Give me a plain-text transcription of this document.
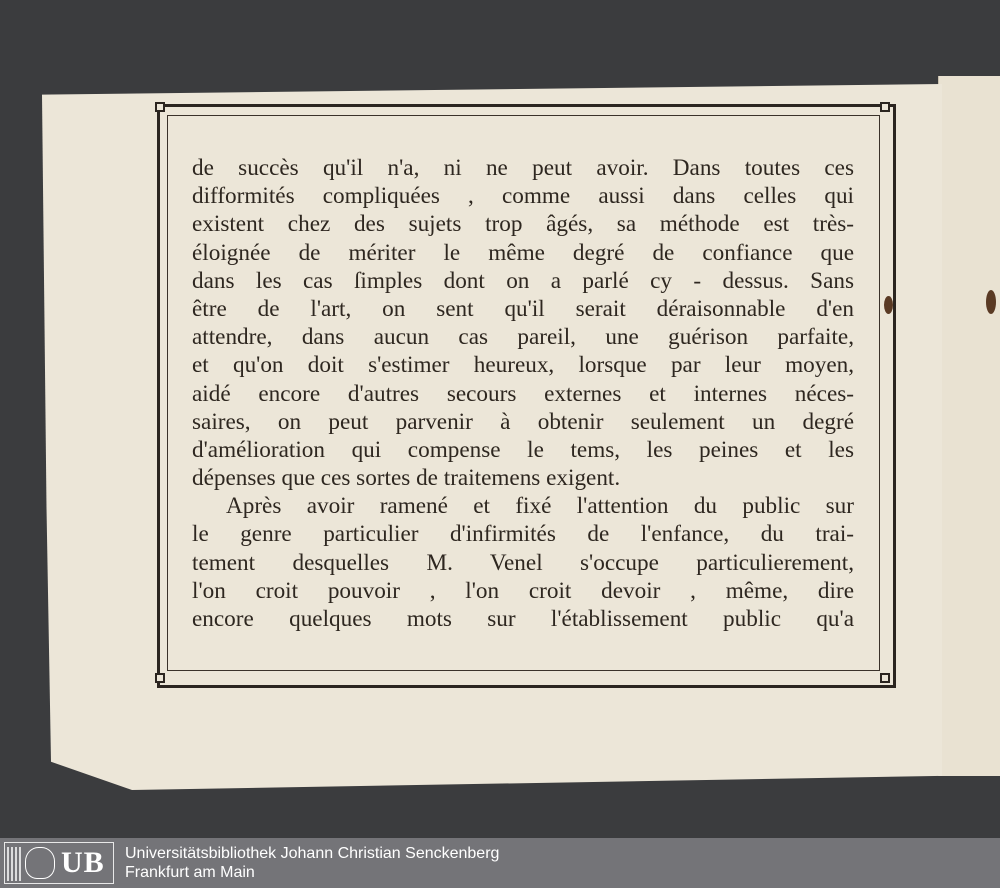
de succès qu'il n'a, ni ne peut avoir. Dans toutes ces
difformités compliquées , comme aussi dans celles qui
existent chez des sujets trop âgés, sa méthode est très-
éloignée de mériter le même degré de confiance que
dans les cas ſimples dont on a parlé cy - dessus. Sans
être de l'art, on sent qu'il serait déraisonnable d'en
attendre, dans aucun cas pareil, une guérison parfaite,
et qu'on doit s'estimer heureux, lorsque par leur moyen,
aidé encore d'autres secours externes et internes néces-
saires, on peut parvenir à obtenir seulement un degré
d'amélioration qui compense le tems, les peines et les
dépenses que ces sortes de traitemens exigent.
Après avoir ramené et fixé l'attention du public sur
le genre particulier d'infirmités de l'enfance, du trai-
tement desquelles M. Venel s'occupe particulierement,
l'on croit pouvoir , l'on croit devoir , même, dire
encore quelques mots sur l'établissement public qu'a
UB Universitätsbibliothek Johann Christian Senckenberg
Frankfurt am Main
